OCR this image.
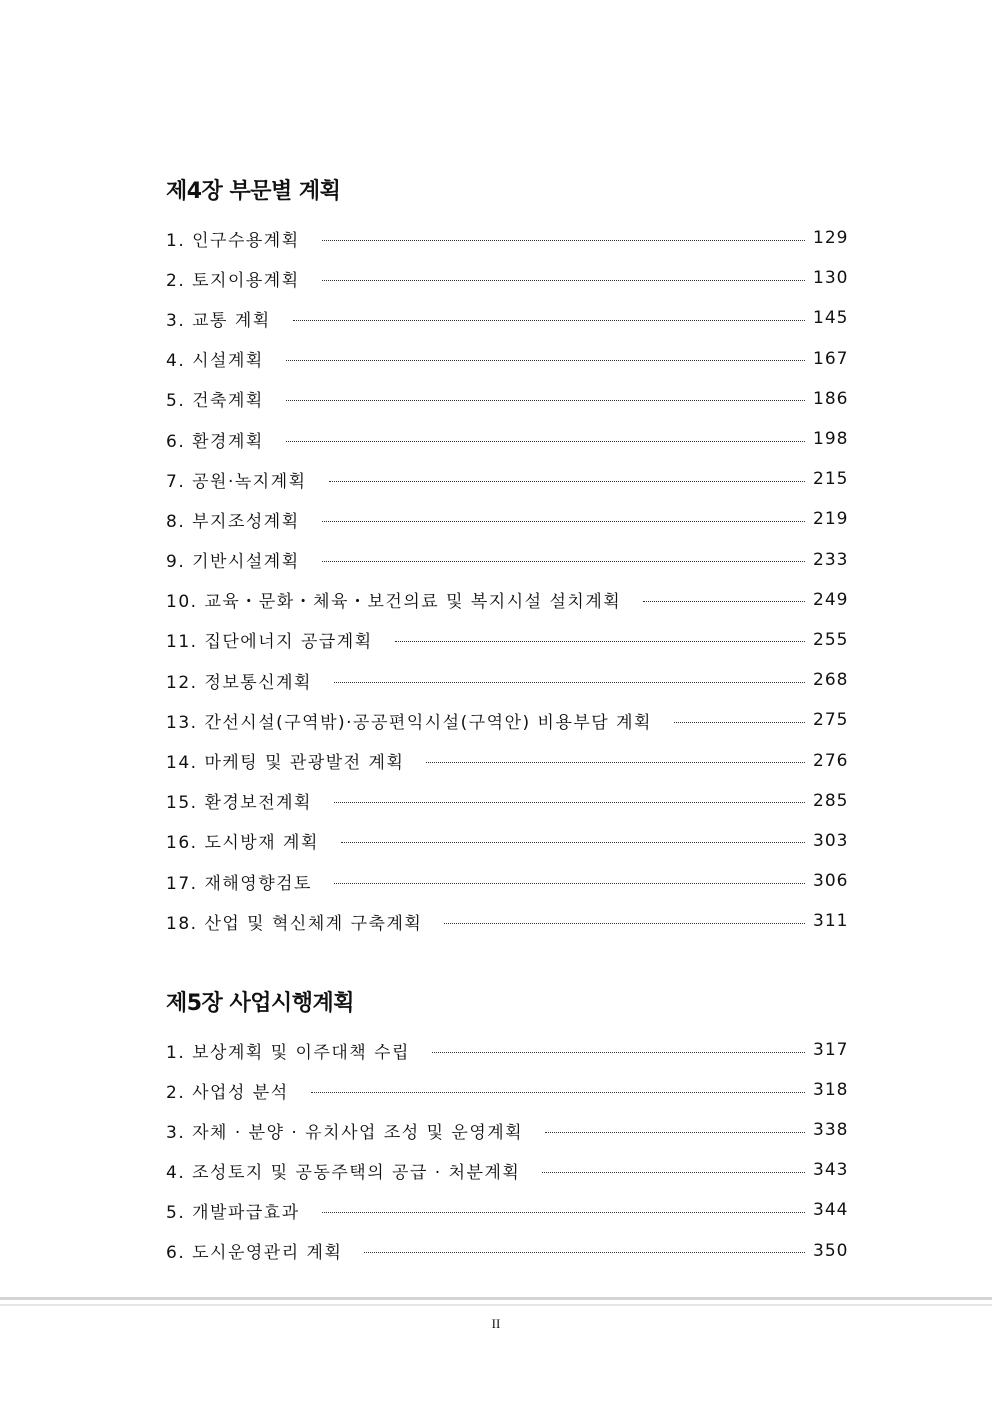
제4장 부문별 계획
1. 인구수용계획	129
2. 토지이용계획	130
3. 교통 계획	145
4. 시설계획	167
5. 건축계획	186
6. 환경계획	198
7. 공원·녹지계획	215
8. 부지조성계획	219
9. 기반시설계획	233
10. 교육・문화・체육・보건의료 및 복지시설 설치계획	249
11. 집단에너지 공급계획	255
12. 정보통신계획	268
13. 간선시설(구역밖)·공공편익시설(구역안) 비용부담 계획	275
14. 마케팅 및 관광발전 계획	276
15. 환경보전계획	285
16. 도시방재 계획	303
17. 재해영향검토	306
18. 산업 및 혁신체계 구축계획	311
제5장 사업시행계획
1. 보상계획 및 이주대책 수립	317
2. 사업성 분석	318
3. 자체 · 분양 · 유치사업 조성 및 운영계획	338
4. 조성토지 및 공동주택의 공급 · 처분계획	343
5. 개발파급효과	344
6. 도시운영관리 계획	350
II
